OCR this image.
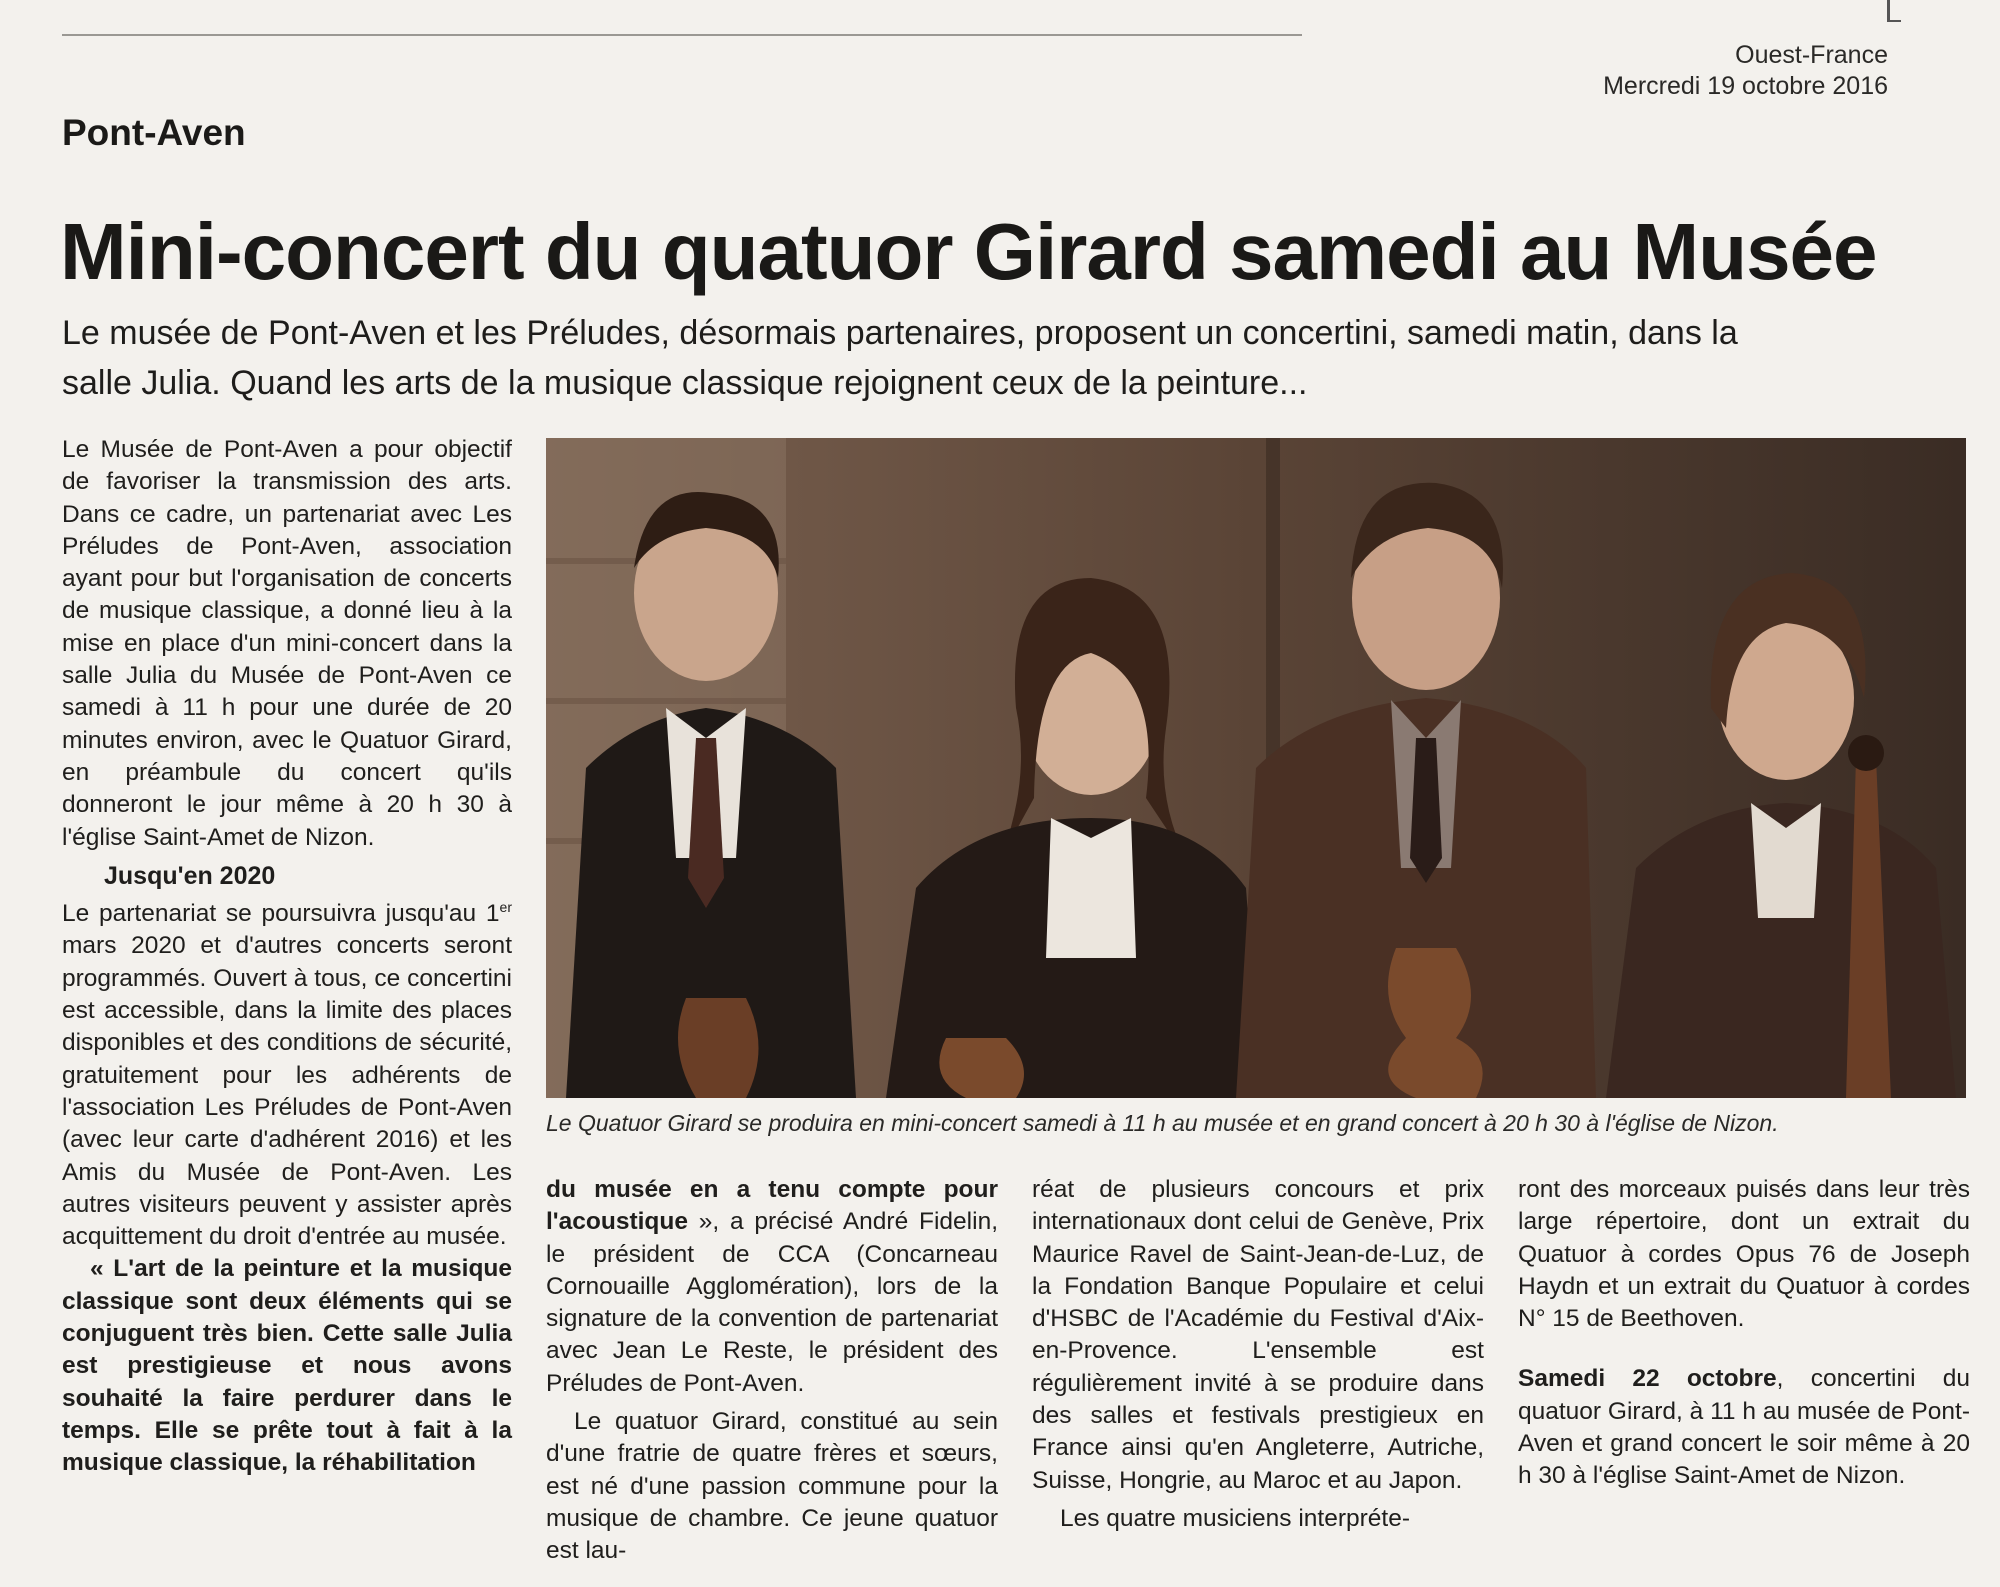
Ouest-France
Mercredi 19 octobre 2016
Pont-Aven
Mini-concert du quatuor Girard samedi au Musée

Le musée de Pont-Aven et les Préludes, désormais partenaires, proposent un concertini, samedi matin, dans la salle Julia. Quand les arts de la musique classique rejoignent ceux de la peinture...

Le Musée de Pont-Aven a pour objectif de favoriser la transmission des arts. Dans ce cadre, un partenariat avec Les Préludes de Pont-Aven, association ayant pour but l'organisation de concerts de musique classique, a donné lieu à la mise en place d'un mini-concert dans la salle Julia du Musée de Pont-Aven ce samedi à 11 h pour une durée de 20 minutes environ, avec le Quatuor Girard, en préambule du concert qu'ils donneront le jour même à 20 h 30 à l'église Saint-Amet de Nizon.

Jusqu'en 2020

Le partenariat se poursuivra jusqu'au 1er mars 2020 et d'autres concerts seront programmés. Ouvert à tous, ce concertini est accessible, dans la limite des places disponibles et des conditions de sécurité, gratuitement pour les adhérents de l'association Les Préludes de Pont-Aven (avec leur carte d'adhérent 2016) et les Amis du Musée de Pont-Aven. Les autres visiteurs peuvent y assister après acquittement du droit d'entrée au musée.

« L'art de la peinture et la musique classique sont deux éléments qui se conjuguent très bien. Cette salle Julia est prestigieuse et nous avons souhaité la faire perdurer dans le temps. Elle se prête tout à fait à la musique classique, la réhabilitation

Le Quatuor Girard se produira en mini-concert samedi à 11 h au musée et en grand concert à 20 h 30 à l'église de Nizon.

du musée en a tenu compte pour l'acoustique », a précisé André Fidelin, le président de CCA (Concarneau Cornouaille Agglomération), lors de la signature de la convention de partenariat avec Jean Le Reste, le président des Préludes de Pont-Aven.

Le quatuor Girard, constitué au sein d'une fratrie de quatre frères et sœurs, est né d'une passion commune pour la musique de chambre. Ce jeune quatuor est lau-

réat de plusieurs concours et prix internationaux dont celui de Genève, Prix Maurice Ravel de Saint-Jean-de-Luz, de la Fondation Banque Populaire et celui d'HSBC de l'Académie du Festival d'Aix-en-Provence. L'ensemble est régulièrement invité à se produire dans des salles et festivals prestigieux en France ainsi qu'en Angleterre, Autriche, Suisse, Hongrie, au Maroc et au Japon.

Les quatre musiciens interpréte-

ront des morceaux puisés dans leur très large répertoire, dont un extrait du Quatuor à cordes Opus 76 de Joseph Haydn et un extrait du Quatuor à cordes N° 15 de Beethoven.

Samedi 22 octobre, concertini du quatuor Girard, à 11 h au musée de Pont-Aven et grand concert le soir même à 20 h 30 à l'église Saint-Amet de Nizon.
